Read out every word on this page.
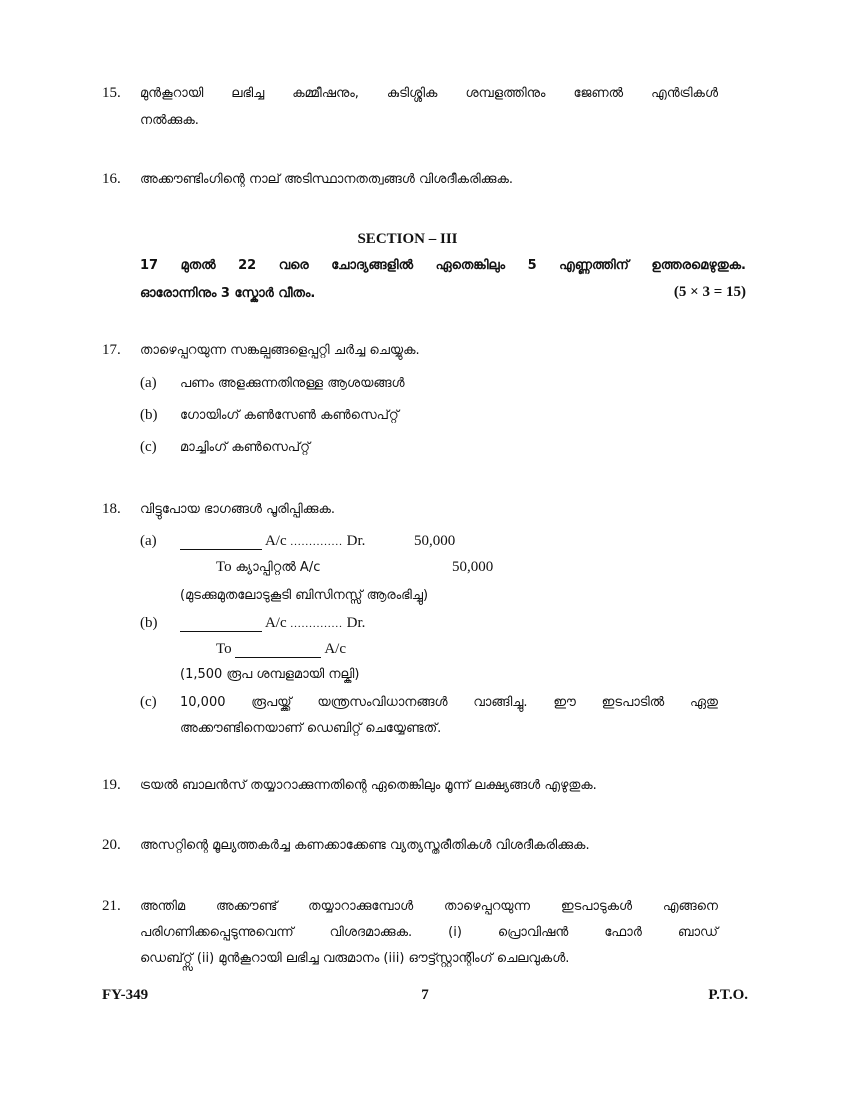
15. മുൻകൂറായി ലഭിച്ച കമ്മീഷനും, കുടിശ്ശിക ശമ്പളത്തിനും ജേണൽ എൻട്രികൾ
നൽക്കുക.
16. അക്കൗണ്ടിംഗിന്റെ നാല് അടിസ്ഥാനതത്വങ്ങൾ വിശദീകരിക്കുക.
SECTION – III
17 മുതൽ 22 വരെ ചോദ്യങ്ങളിൽ ഏതെങ്കിലും 5 എണ്ണത്തിന് ഉത്തരമെഴുതുക.
ഓരോന്നിനും 3 സ്കോർ വീതം.	(5 × 3 = 15)
17. താഴെപ്പറയുന്ന സങ്കല്പങ്ങളെപ്പറ്റി ചർച്ച ചെയ്യുക.
(a) പണം അളക്കുന്നതിനുള്ള ആശയങ്ങൾ
(b) ഗോയിംഗ് കൺസേൺ കൺസെപ്റ്റ്
(c) മാച്ചിംഗ് കൺസെപ്റ്റ്
18. വിട്ടുപോയ ഭാഗങ്ങൾ പൂരിപ്പിക്കുക.
(a)	A/c .............. Dr.	50,000
To ക്യാപ്പിറ്റൽ A/c	50,000
(മുടക്കുമുതലോടുകൂടി ബിസിനസ്സ് ആരംഭിച്ചു)
(b)	A/c .............. Dr.
To	A/c
(1,500 രൂപ ശമ്പളമായി നല്കി)
(c) 10,000 രൂപയ്ക്ക് യന്ത്രസംവിധാനങ്ങൾ വാങ്ങിച്ചു. ഈ ഇടപാടിൽ ഏതു
അക്കൗണ്ടിനെയാണ് ഡെബിറ്റ് ചെയ്യേണ്ടത്.
19. ട്രയൽ ബാലൻസ് തയ്യാറാക്കുന്നതിന്റെ ഏതെങ്കിലും മൂന്ന് ലക്ഷ്യങ്ങൾ എഴുതുക.
20. അസറ്റിന്റെ മൂല്യത്തകർച്ച കണക്കാക്കേണ്ട വ്യത്യസ്തരീതികൾ വിശദീകരിക്കുക.
21. അന്തിമ അക്കൗണ്ട് തയ്യാറാക്കുമ്പോൾ താഴെപ്പറയുന്ന ഇടപാടുകൾ എങ്ങനെ
പരിഗണിക്കപ്പെടുന്നുവെന്ന് വിശദമാക്കുക. (i) പ്രൊവിഷൻ ഫോർ ബാഡ്
ഡെബ്റ്റ്സ് (ii) മുൻകൂറായി ലഭിച്ച വരുമാനം (iii) ഔട്ട്സ്റ്റാന്റിംഗ് ചെലവുകൾ.
FY-349	7	P.T.O.
